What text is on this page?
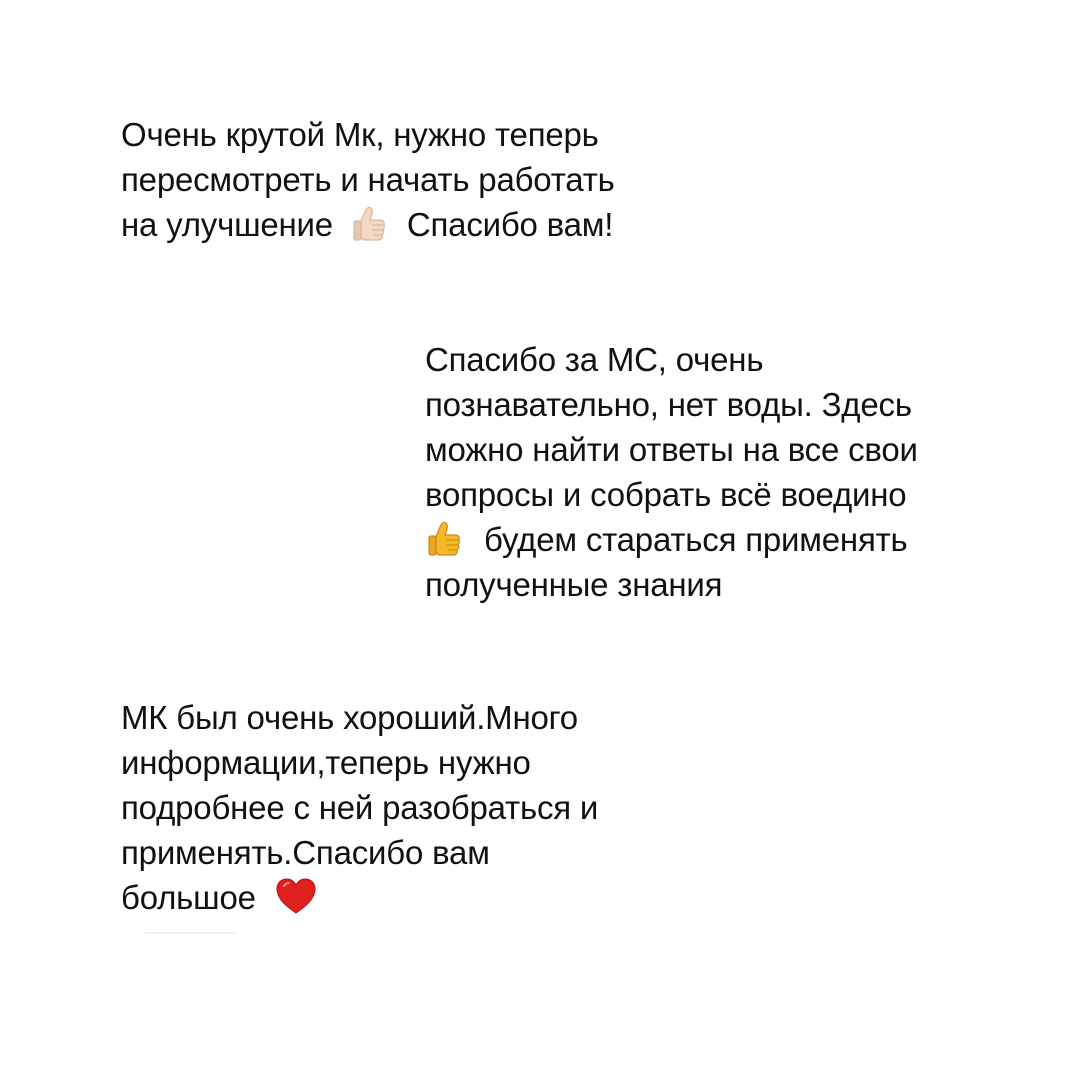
Очень крутой Мк, нужно теперь
пересмотреть и начать работать
на улучшение Спасибо вам!
Спасибо за МС, очень
познавательно, нет воды. Здесь
можно найти ответы на все свои
вопросы и собрать всё воедино
будем стараться применять
полученные знания
МК был очень хороший.Много
информации,теперь нужно
подробнее с ней разобраться и
применять.Спасибо вам
большое
